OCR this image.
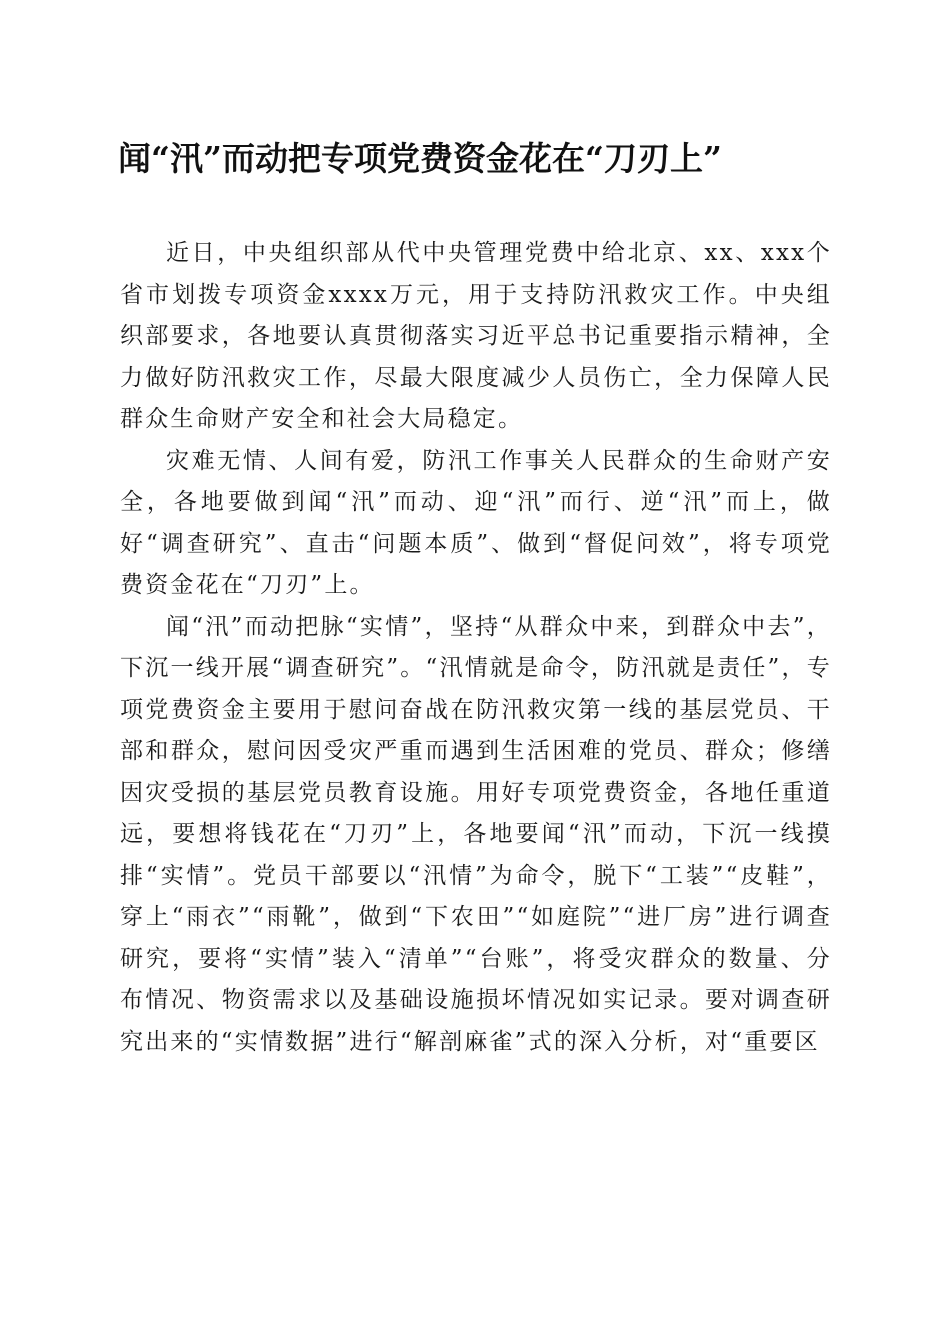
闻“汛”而动把专项党费资金花在“刀刃上”

近日，中央组织部从代中央管理党费中给北京、xx、xxx个省市划拨专项资金xxxx万元，用于支持防汛救灾工作。中央组织部要求，各地要认真贯彻落实习近平总书记重要指示精神，全力做好防汛救灾工作，尽最大限度减少人员伤亡，全力保障人民群众生命财产安全和社会大局稳定。

灾难无情、人间有爱，防汛工作事关人民群众的生命财产安全，各地要做到闻“汛”而动、迎“汛”而行、逆“汛”而上，做好“调查研究”、直击“问题本质”、做到“督促问效”，将专项党费资金花在“刀刃”上。

闻“汛”而动把脉“实情”，坚持“从群众中来，到群众中去”，下沉一线开展“调查研究”。“汛情就是命令，防汛就是责任”，专项党费资金主要用于慰问奋战在防汛救灾第一线的基层党员、干部和群众，慰问因受灾严重而遇到生活困难的党员、群众；修缮因灾受损的基层党员教育设施。用好专项党费资金，各地任重道远，要想将钱花在“刀刃”上，各地要闻“汛”而动，下沉一线摸排“实情”。党员干部要以“汛情”为命令，脱下“工装”“皮鞋”，穿上“雨衣”“雨靴”，做到“下农田”“如庭院”“进厂房”进行调查研究，要将“实情”装入“清单”“台账”，将受灾群众的数量、分布情况、物资需求以及基础设施损坏情况如实记录。要对调查研究出来的“实情数据”进行“解剖麻雀”式的深入分析，对“重要区
